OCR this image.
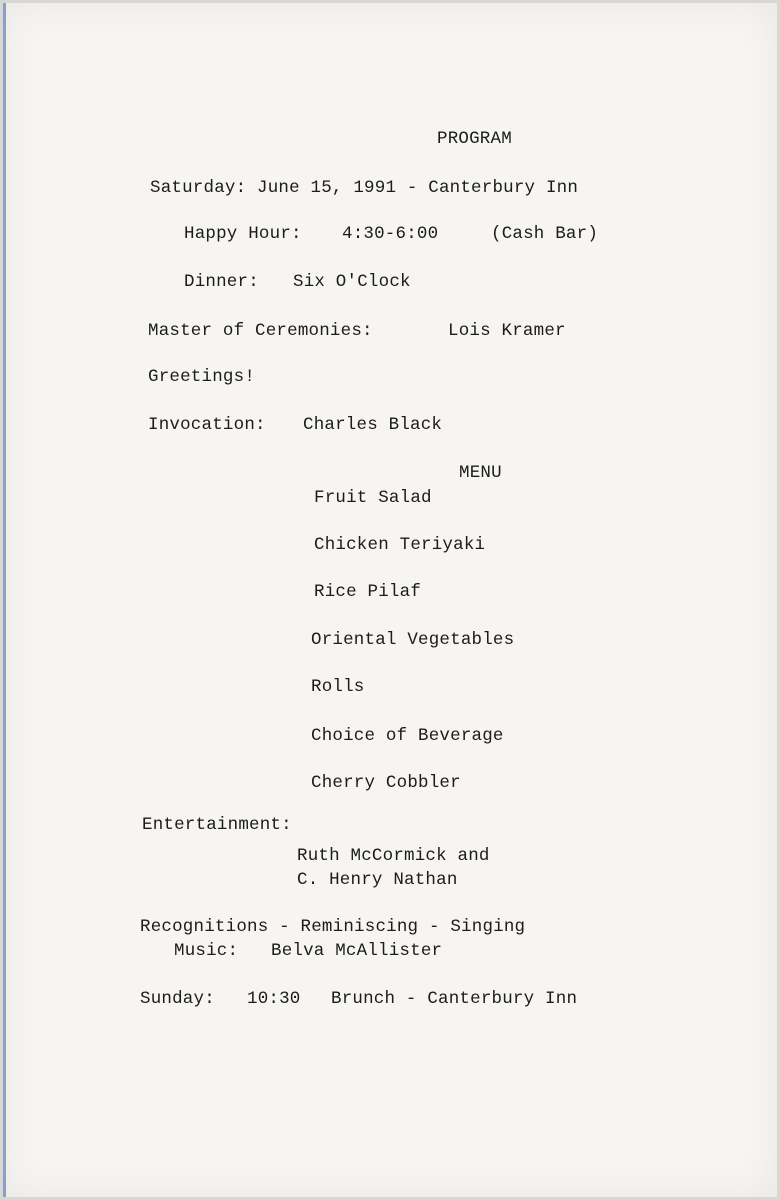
PROGRAM
Saturday: June 15, 1991 - Canterbury Inn
Happy Hour: 4:30-6:00	(Cash Bar)
Dinner: Six O'Clock
Master of Ceremonies:	Lois Kramer
Greetings!
Invocation: Charles Black
MENU
Fruit Salad
Chicken Teriyaki
Rice Pilaf
Oriental Vegetables
Rolls
Choice of Beverage
Cherry Cobbler
Entertainment:
Ruth McCormick and
C. Henry Nathan
Recognitions - Reminiscing - Singing
Music: Belva McAllister
Sunday: 10:30 Brunch - Canterbury Inn
